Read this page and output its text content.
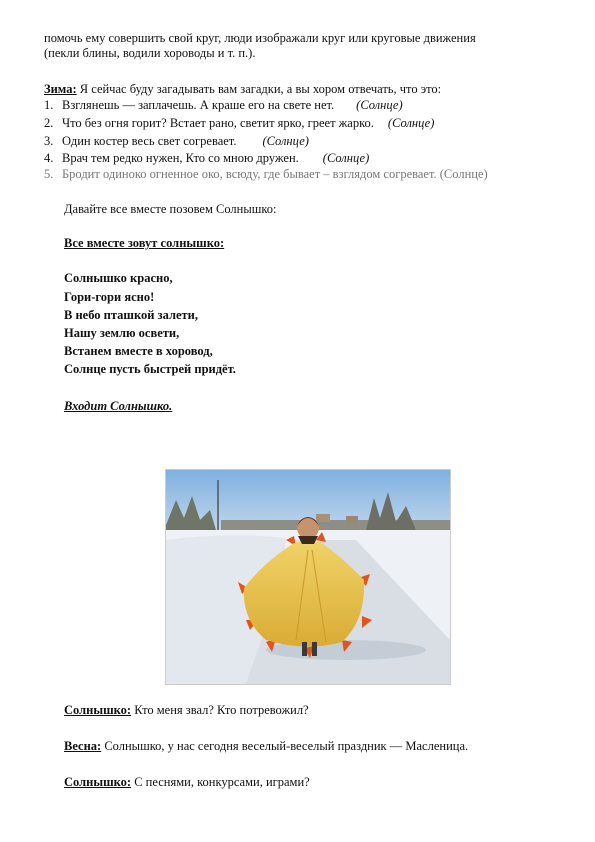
помочь ему совершить свой круг, люди изображали круг или круговые движения
(пекли блины, водили хороводы и т. п.).
Зима: Я сейчас буду загадывать вам загадки, а вы хором отвечать, что это:
1. Взглянешь — заплачешь. А краше его на свете нет. (Солнце)
2. Что без огня горит? Встает рано, светит ярко, греет жарко. (Солнце)
3. Один костер весь свет согревает. (Солнце)
4. Врач тем редко нужен, Кто со мною дружен. (Солнце)
5. Бродит одиноко огненное око, всюду, где бывает – взглядом согревает. (Солнце)
Давайте все вместе позовем Солнышко:
Все вместе зовут солнышко:
Солнышко красно,
Гори-гори ясно!
В небо пташкой залети,
Нашу землю освети,
Встанем вместе в хоровод,
Солнце пусть быстрей придёт.
Входит Солнышко.
Солнышко: Кто меня звал? Кто потревожил?
Весна: Солнышко, у нас сегодня веселый-веселый праздник — Масленица.
Солнышко: С песнями, конкурсами, играми?
